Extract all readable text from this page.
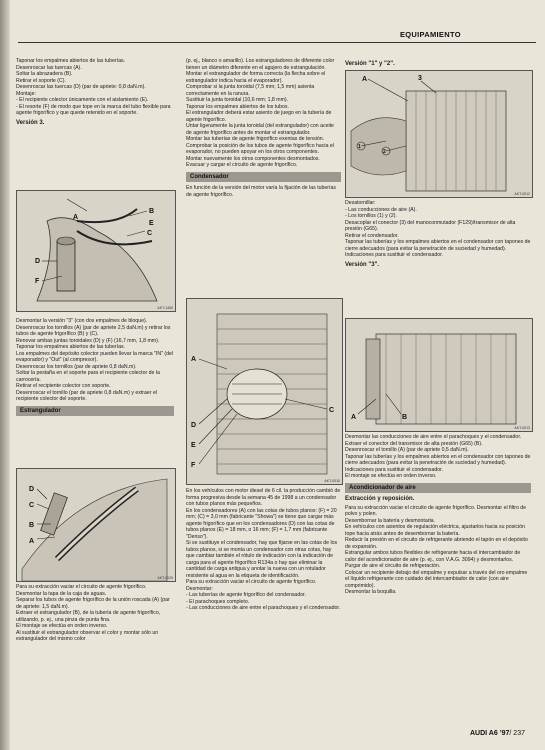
EQUIPAMIENTO

Taponar los empalmes abiertos de las tuberías.

Desenroscar las tuercas (A).

Soltar la abrazadera (B).

Retirar el soporte (C).

Desenroscar las tuercas (D) (par de apriete: 0,8 daN.m).

Montaje:

- El recipiente colector únicamente con el aislamiento (E).

- El resorte (F) de modo que tope en la marca del tubo flexible para agente frigorífico y que quede retenido en el soporte.

Versión 3.
A
B
C
D
E
F
AKT-1450

Desmontar la versión "3" (con dos empalmes de bloque).

Desenroscar los tornillos (A) (par de apriete 2,5 daN.m) y retirar los tubos de agente frigorífico (B) y (C).

Renovar ambas juntas toroidales (D) y (F) (16,7 mm, 1,8 mm).

Taponar los empalmes abiertos de las tuberías.

Los empalmes del depósito colector pueden llevar la marca "IN" (del evaporador) y "Out" (al compresor).

Desenroscar los tornillos (par de apriete 0,8 daN.m).

Soltar la pestaña en el soporte para el recipiente colector de la carrocería.

Retirar el recipiente colector con soporte.

Desenroscar el tornillo (par de apriete 0,8 daN.m) y extraer el recipiente colector del soporte.

Estrangulador
D
C
B
A
AKT-0029

Para su extracción vaciar el circuito de agente frigorífico.

Desmontar la tapa de la caja de aguas.

Separar los tubos de agente frigorífico de la unión roscada (A) (par de apriete: 1,5 daN.m).

Extraer el estrangulador (B), de la tubería de agente frigorífico, utilizando, p. ej., una pinza de punta fina.

El montaje se efectúa en orden inverso.

Al sustituir el estrangulador observar el color y montar sólo un estrangulador del mismo color

(p. ej., blanco o amarillo). Los estranguladores de diferente color tienen un diámetro diferente en el agujero de estrangulación.

Montar el estrangulador de forma correcta (la flecha sobre el estrangulador indica hacia el evaporador).

Comprobar si la junta toroidal (7,5 mm; 1,5 mm) asienta correctamente en la ranura.

Sustituir la junta toroidal (10,6 mm; 1,8 mm).

Taponar los empalmes abiertos de los tubos.

El estrangulador deberá estar asiento de juego en la tubería de agente frigorífico.

Untar ligeramente la junta toroidal (del estrangulador) con aceite de agente frigorífico antes de montar el estrangulador.

Montar las tuberías de agente frigorífico exentas de tensión.

Comprobar la posición de los tubos de agente frigorífico hacia el evaporador, no pueden apoyar en los otros componentes.

Montar nuevamente los otros componentes desmontados.

Evacuar y cargar el circuito de agente frigorífico.

Condensador

En función de la versión del motor varía la fijación de las tuberías de agente frigorífico.

A
D
E
F
C
AKT-0010

En los vehículos con motor diesel de 6 cil. la producción cambió de forma progresiva desde la semana 45 de 1998 a un condensador con tubos planos más pequeños.

En los condensadores (A) con las cotas de tubos planos: (F) = 20 mm; (C) = 3,0 mm (fabricante "Showa") se tiene que cargar más agente frigorífico que en los condensadores (D) con las cotas de tubos planos (E) = 18 mm, o 16 mm; (F) = 1,7 mm (fabricante "Denso").

Si se sustituye el condensador, hay que fijarse en las cotas de los tubos planos, si se monta un condensador con otras cotas, hay que cambiar también el rótulo de indicación con la indicación de carga para el agente frigorífico R134a o hay que eliminar la cantidad de carga antigua y anotar la nueva con un rotulador resistente al agua en la etiqueta de identificación.

Para su extracción vaciar el circuito de agente frigorífico.

Desmontar:

- Las tuberías de agente frigorífico del condensador.

- El parachoques completo.

- Las conducciones de aire entre el parachoques y el condensador.

Versión "1" y "2".
1
2
3
A
AKT-0012

Desatornillar:

- Las conducciones de aire (A).

- Los tornillos (1) y (2).

Desacoplar el conector (3) del manoconmutador (F129)/transmisor de alta presión (G65).

Retirar el condensador.

Taponar las tuberías y los empalmes abiertos en el condensador con tapones de cierre adecuados (para evitar la penetración de suciedad y humedad).

Indicaciones para sustituir el condensador.

Versión "3".
A	B
AKT-0013

Desmontar las conducciones de aire entre el parachoques y el condensador.

Extraer el conector del transmisor de alta presión (G65) (B).

Desenroscar el tornillo (A) (par de apriete 0,5 daN.m).

Taponar las tuberías y los empalmes abiertos en el condensador con tapones de cierre adecuados (para evitar la penetración de suciedad y humedad).

Indicaciones para sustituir el condensador.

El montaje se efectúa en orden inverso.

Acondicionador de aire
Extracción y reposición.

Para su extracción vaciar el circuito de agente frigorífico. Desmontar el filtro de polvo y polen.

Desembornar la batería y desmontarla.

En vehículos con asientos de regulación eléctrica, ajustarlos hacia su posición tope hacia atrás antes de desembornar la batería.

Reducir la presión en el circuito de refrigerante abriendo el tapón en el depósito de expansión.

Estrangular ambos tubos flexibles de refrigerante hacia el intercambiador de calor del acondicionador de aire (p. ej., con V.A.G. 3094) y desmontarlos.

Purgar de aire el circuito de refrigeración.

Colocar un recipiente debajo del empalme y expulsar a través del oro empalme el líquido refrigerante con cuidado del intercambiador de calor (con aire comprimido).

Desmontar la boquilla.

AUDI A6 ’97/ 237
